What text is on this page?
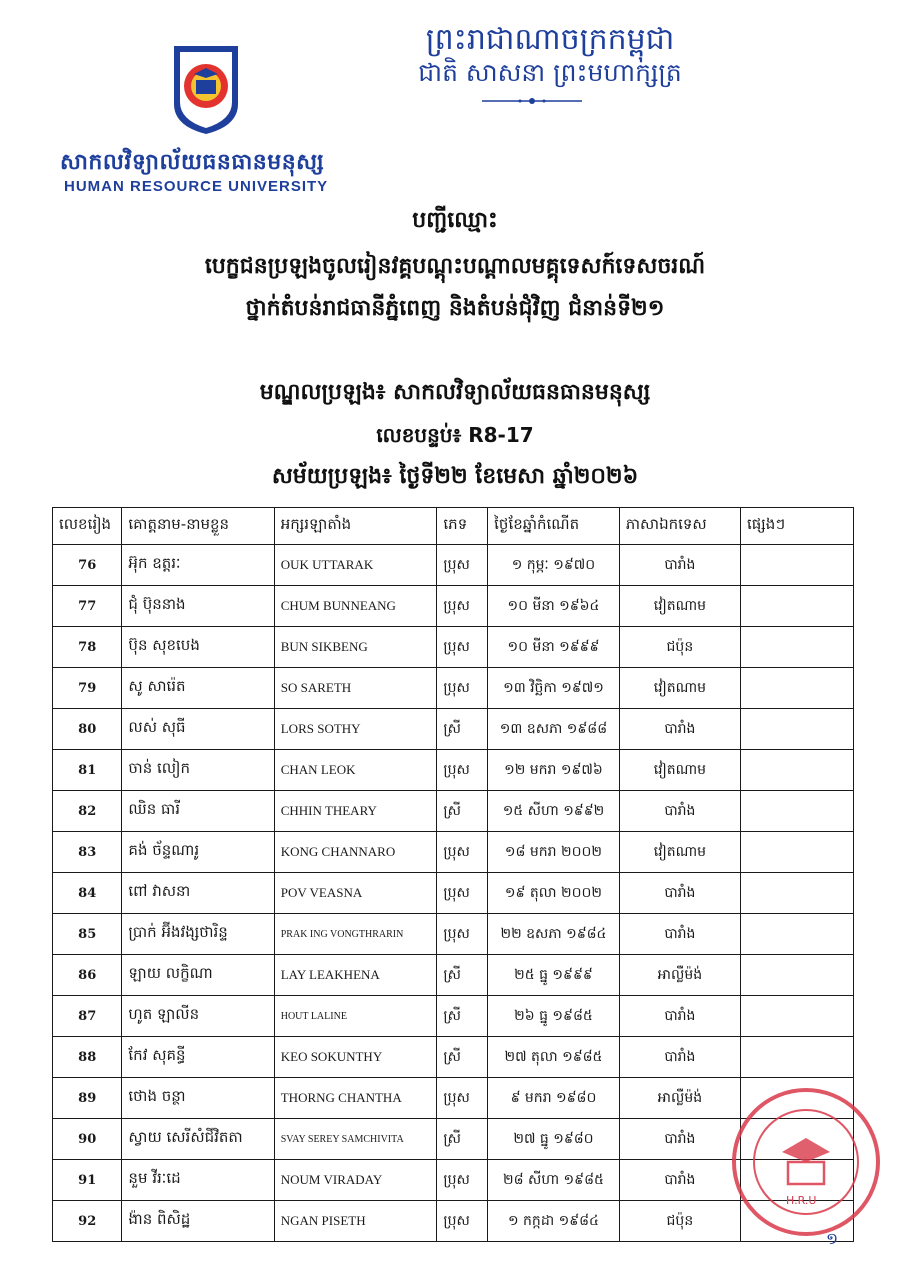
សាកលវិទ្យាល័យធនធានមនុស្ស
HUMAN RESOURCE UNIVERSITY
ព្រះរាជាណាចក្រកម្ពុជា
ជាតិ សាសនា ព្រះមហាក្សត្រ
បញ្ជីឈ្មោះ
បេក្ខជនប្រឡងចូលរៀនវគ្គបណ្តុះបណ្តាលមគ្គុទេសក៍ទេសចរណ៍
ថ្នាក់តំបន់រាជធានីភ្នំពេញ និងតំបន់ជុំវិញ ជំនាន់ទី២១
មណ្ឌលប្រឡង៖ សាកលវិទ្យាល័យធនធានមនុស្ស
លេខបន្ទប់៖ R8-17
សម័យប្រឡង៖ ថ្ងៃទី២២ ខែមេសា ឆ្នាំ២០២៦
លេខរៀង	គោត្តនាម-នាមខ្លួន	អក្សរឡាតាំង	ភេទ	ថ្ងៃខែឆ្នាំកំណើត	ភាសាឯកទេស	ផ្សេងៗ
76	អ៊ុក ឧត្តរៈ	OUK UTTARAK	ប្រុស	១ កុម្ភៈ ១៩៧០	បារាំង	
77	ជុំ ប៊ុននាង	CHUM BUNNEANG	ប្រុស	១០ មីនា ១៩៦៤	វៀតណាម	
78	ប៊ុន សុខបេង	BUN SIKBENG	ប្រុស	១០ មីនា ១៩៩៩	ជប៉ុន	
79	សូ សារ៉េត	SO SARETH	ប្រុស	១៣ វិច្ឆិកា ១៩៧១	វៀតណាម	
80	លស់ សុធី	LORS SOTHY	ស្រី	១៣ ឧសភា ១៩៨៨	បារាំង	
81	ចាន់ លៀក	CHAN LEOK	ប្រុស	១២ មករា ១៩៧៦	វៀតណាម	
82	ឈិន ធារី	CHHIN THEARY	ស្រី	១៥ សីហា ១៩៩២	បារាំង	
83	គង់ ច័ន្ទណារូ	KONG CHANNARO	ប្រុស	១៨ មករា ២០០២	វៀតណាម	
84	ពៅ វាសនា	POV VEASNA	ប្រុស	១៩ តុលា ២០០២	បារាំង	
85	ប្រាក់ អ៊ីងវង្សថារិន្ទ	PRAK ING VONGTHRARIN	ប្រុស	២២ ឧសភា ១៩៨៤	បារាំង	
86	ឡាយ លក្ខិណា	LAY LEAKHENA	ស្រី	២៥ ធ្នូ ១៩៩៩	អាល្លឺម៉ង់	
87	ហូត ឡាលីន	HOUT LALINE	ស្រី	២៦ ធ្នូ ១៩៨៥	បារាំង	
88	កែវ សុគន្ធី	KEO SOKUNTHY	ស្រី	២៧ តុលា ១៩៨៥	បារាំង	
89	ថោង ចន្ថា	THORNG CHANTHA	ប្រុស	៩ មករា ១៩៨០	អាល្លឺម៉ង់	
90	ស្វាយ សេរីសំជីវិតតា	SVAY SEREY SAMCHIVITA	ស្រី	២៧ ធ្នូ ១៩៨០	បារាំង	
91	នួម វីរៈដេ	NOUM VIRADAY	ប្រុស	២៨ សីហា ១៩៨៥	បារាំង	
92	ង៉ាន ពិសិដ្ឋ	NGAN PISETH	ប្រុស	១ កក្កដា ១៩៨៤	ជប៉ុន	
H.R.U
១
